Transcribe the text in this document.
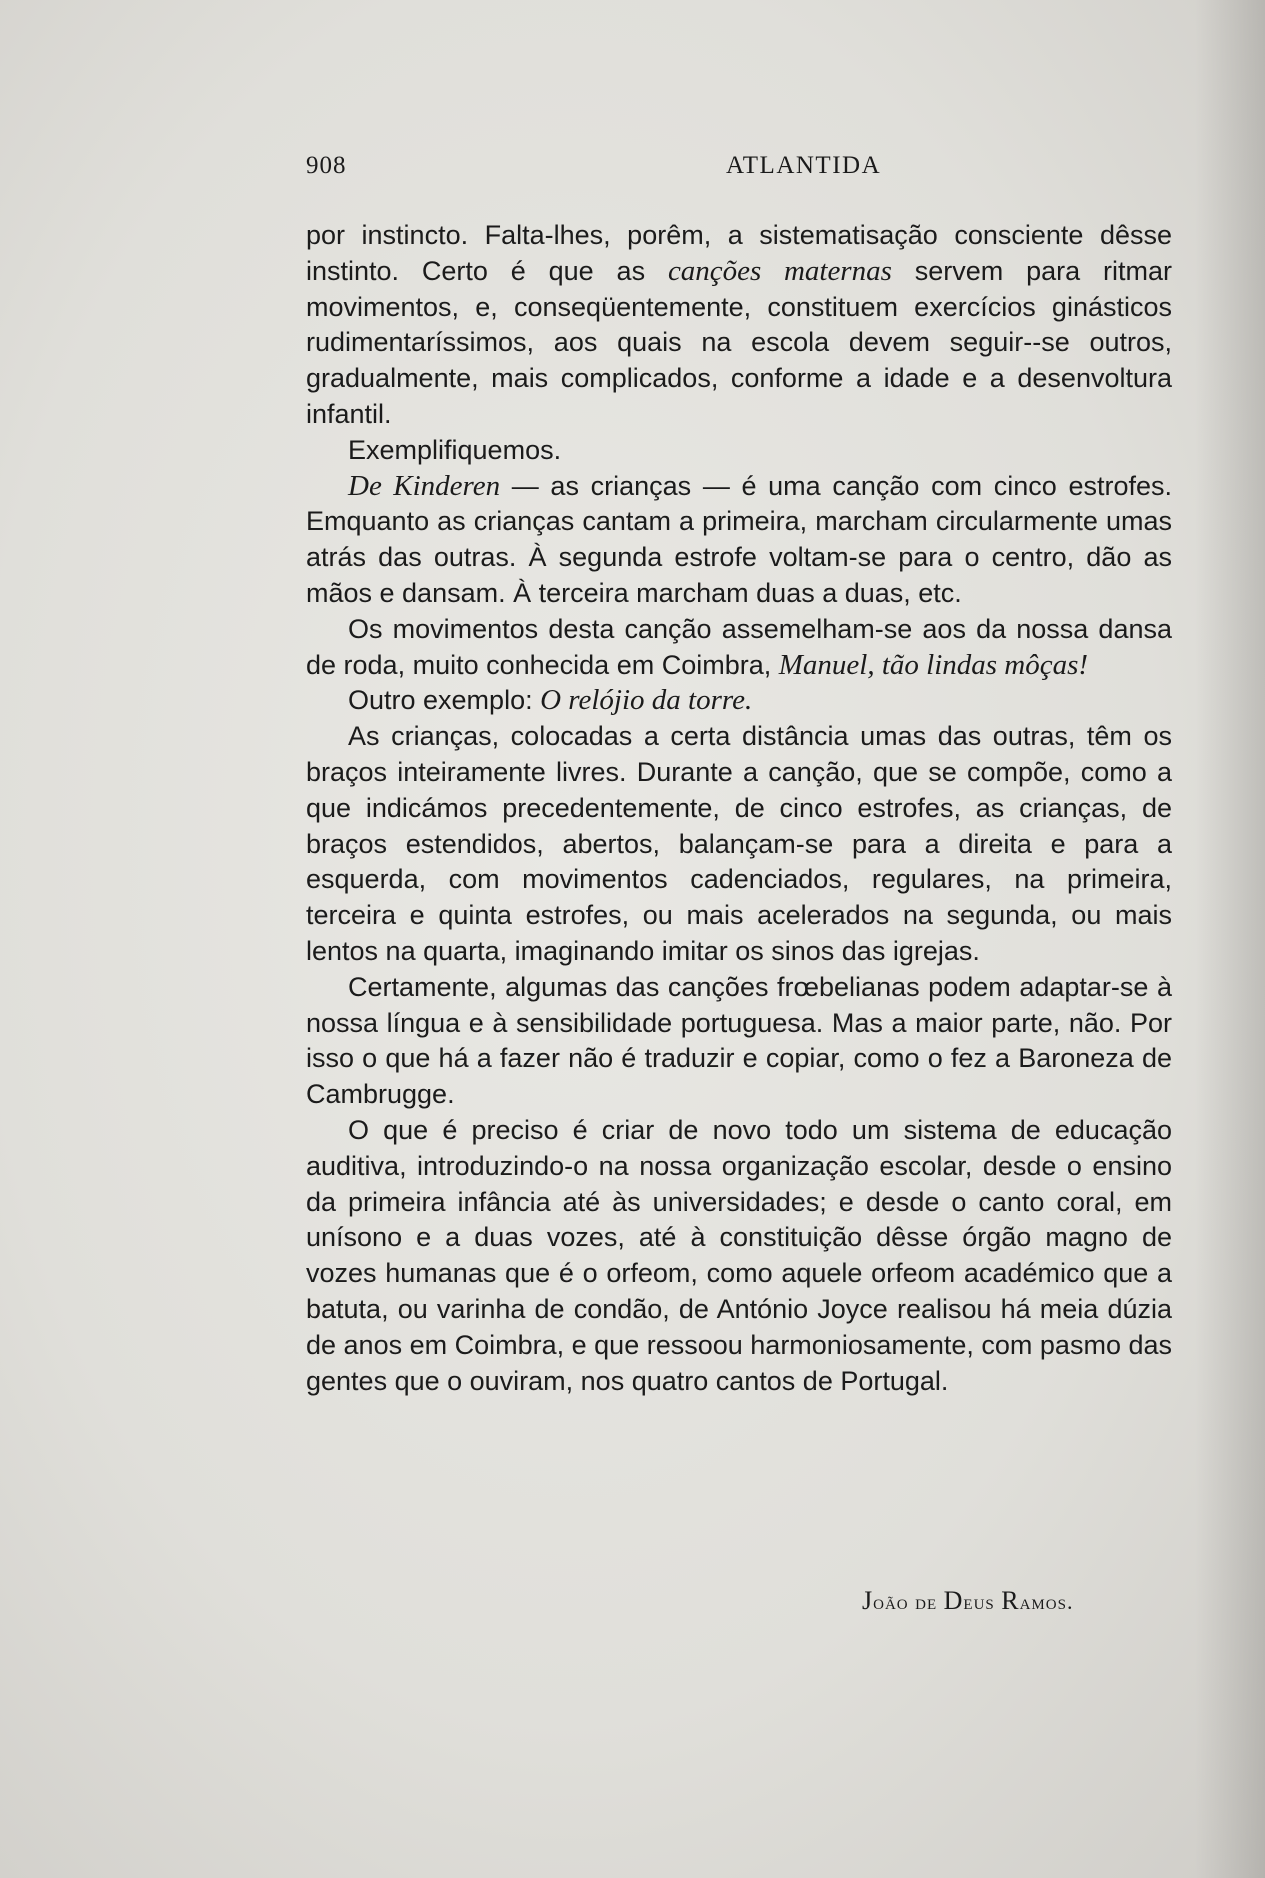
908	ATLANTIDA

por instincto. Falta-lhes, porêm, a sistematisação consciente dêsse instinto. Certo é que as canções maternas servem para ritmar movimentos, e, conseqüentemente, constituem exercícios ginásticos rudimentaríssimos, aos quais na escola devem seguir--se outros, gradualmente, mais complicados, conforme a idade e a desenvoltura infantil.

Exemplifiquemos.

De Kinderen — as crianças — é uma canção com cinco estrofes. Emquanto as crianças cantam a primeira, marcham circularmente umas atrás das outras. À segunda estrofe voltam-se para o centro, dão as mãos e dansam. À terceira marcham duas a duas, etc.

Os movimentos desta canção assemelham-se aos da nossa dansa de roda, muito conhecida em Coimbra, Manuel, tão lindas môças!

Outro exemplo: O relójio da torre.

As crianças, colocadas a certa distância umas das outras, têm os braços inteiramente livres. Durante a canção, que se compõe, como a que indicámos precedentemente, de cinco estrofes, as crianças, de braços estendidos, abertos, balançam-se para a direita e para a esquerda, com movimentos cadenciados, regulares, na primeira, terceira e quinta estrofes, ou mais acelerados na segunda, ou mais lentos na quarta, imaginando imitar os sinos das igrejas.

Certamente, algumas das canções frœbelianas podem adaptar-se à nossa língua e à sensibilidade portuguesa. Mas a maior parte, não. Por isso o que há a fazer não é traduzir e copiar, como o fez a Baroneza de Cambrugge.

O que é preciso é criar de novo todo um sistema de educação auditiva, introduzindo-o na nossa organização escolar, desde o ensino da primeira infância até às universidades; e desde o canto coral, em unísono e a duas vozes, até à constituição dêsse órgão magno de vozes humanas que é o orfeom, como aquele orfeom académico que a batuta, ou varinha de condão, de António Joyce realisou há meia dúzia de anos em Coimbra, e que ressoou harmoniosamente, com pasmo das gentes que o ouviram, nos quatro cantos de Portugal.

João de Deus Ramos.
